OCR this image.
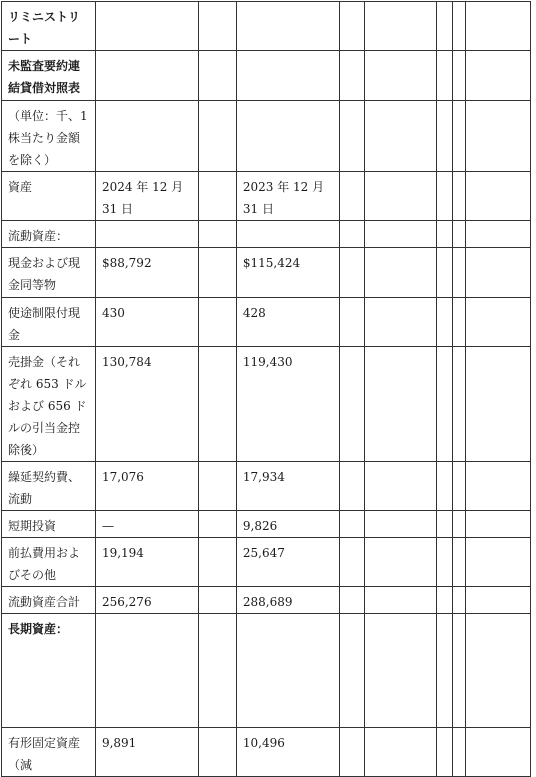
リミニストリート								
未監査要約連結貸借対照表								
（単位：千、1株当たり金額を除く）								
資産	2024 年 12 月 31 日		2023 年 12 月 31 日					
流動資産：								
現金および現金同等物	$88,792		$115,424					
使途制限付現金	430		428					
売掛金（それぞれ 653 ドルおよび 656 ドルの引当金控除後）	130,784		119,430					
繰延契約費、流動	17,076		17,934					
短期投資	—		9,826					
前払費用およびその他	19,194		25,647					
流動資産合計	256,276		288,689					
長期資産：								
有形固定資産（減	9,891		10,496					
